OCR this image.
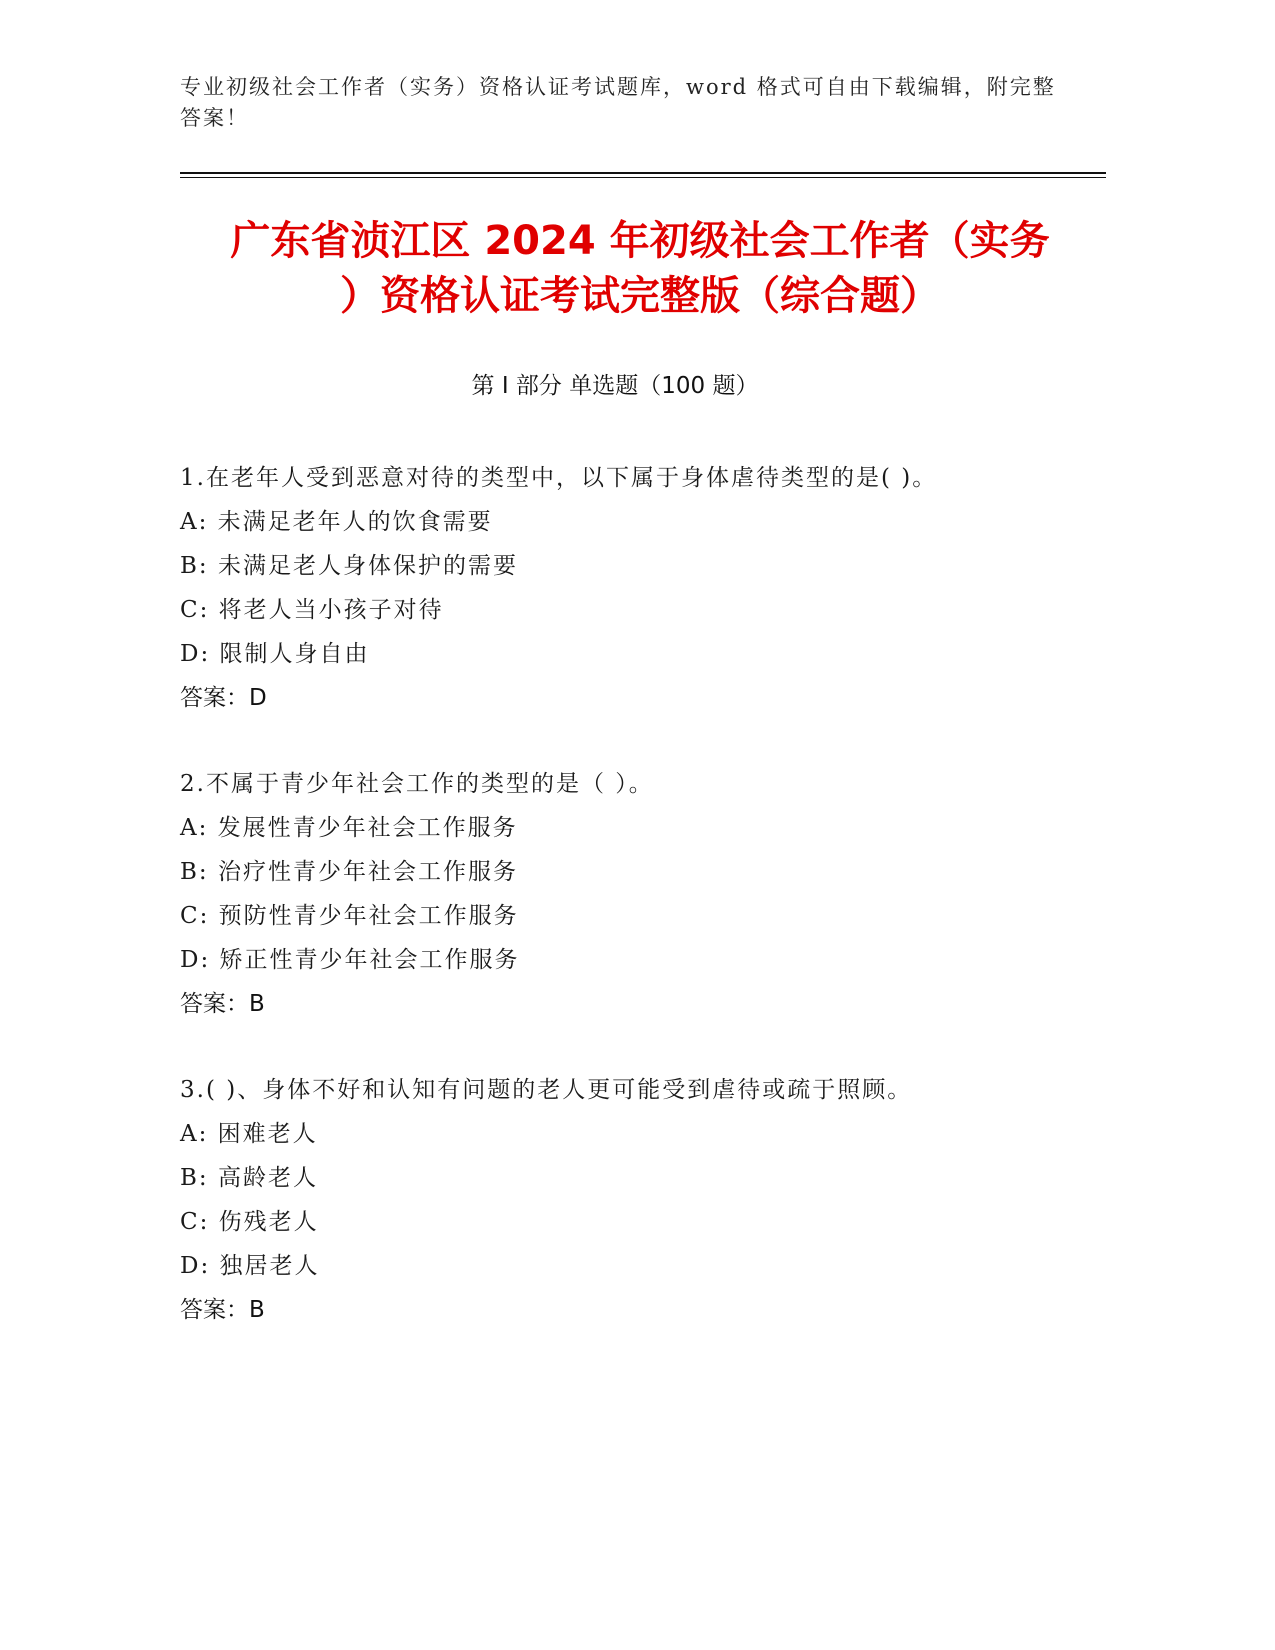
专业初级社会工作者（实务）资格认证考试题库，word 格式可自由下载编辑，附完整答案！
广东省浈江区 2024 年初级社会工作者（实务
）资格认证考试完整版（综合题）
第 I 部分 单选题（100 题）
1.在老年人受到恶意对待的类型中，以下属于身体虐待类型的是( )。
A: 未满足老年人的饮食需要
B: 未满足老人身体保护的需要
C: 将老人当小孩子对待
D: 限制人身自由
答案：D
2.不属于青少年社会工作的类型的是（ ）。
A: 发展性青少年社会工作服务
B: 治疗性青少年社会工作服务
C: 预防性青少年社会工作服务
D: 矫正性青少年社会工作服务
答案：B
3.( )、身体不好和认知有问题的老人更可能受到虐待或疏于照顾。
A: 困难老人
B: 高龄老人
C: 伤残老人
D: 独居老人
答案：B
